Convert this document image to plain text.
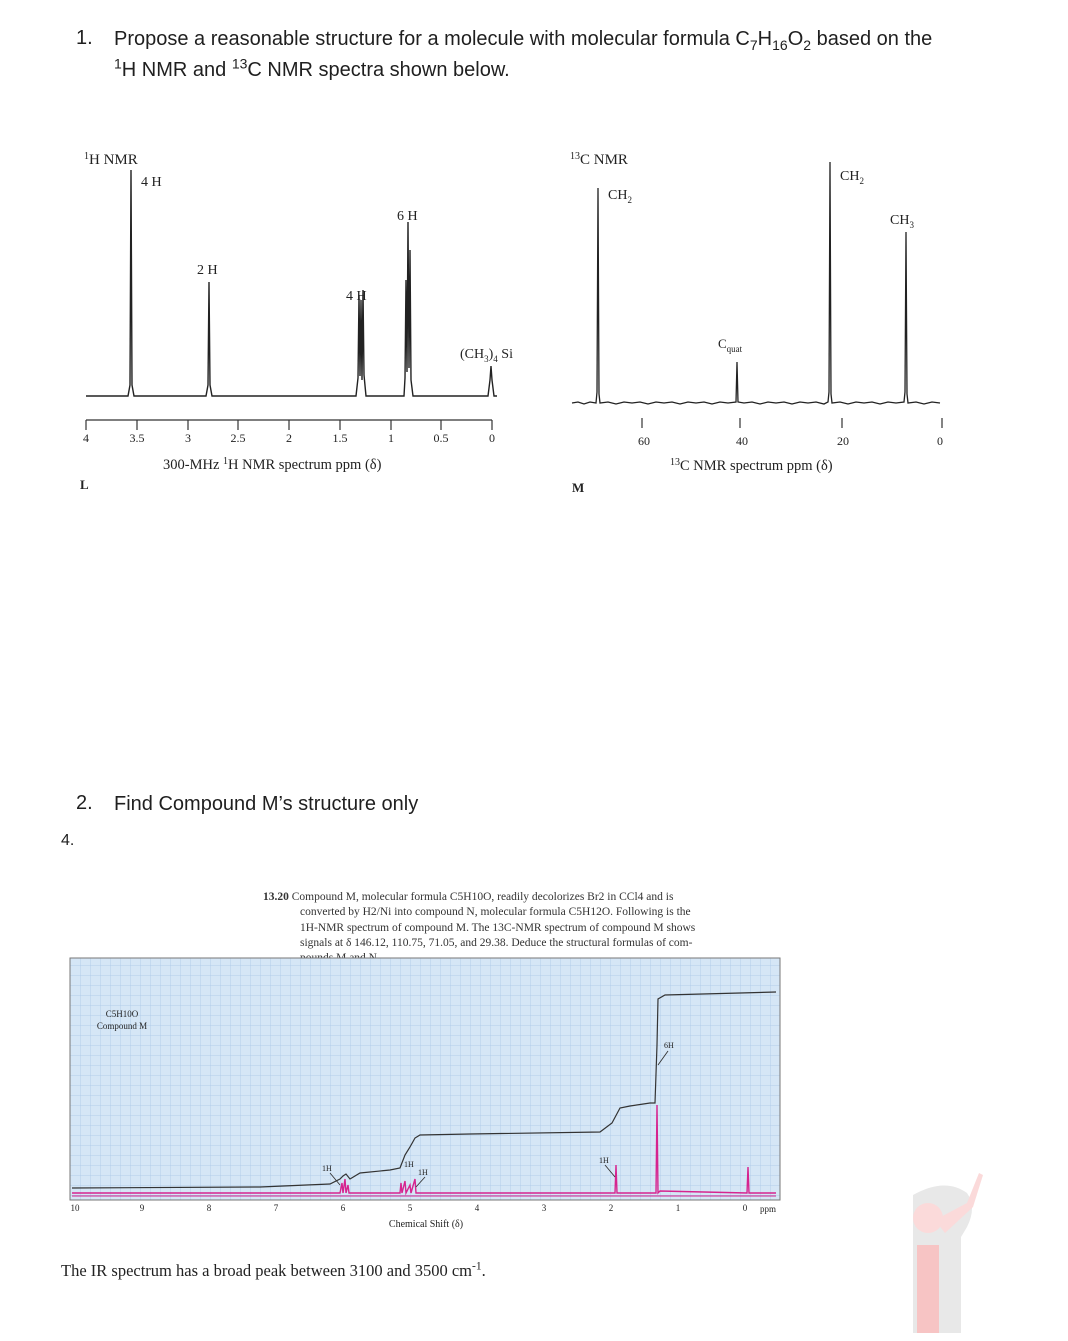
1. Propose a reasonable structure for a molecule with molecular formula $C_7H_{16}O_2$ based on the
$^1$H NMR and $^{13}$C NMR spectra shown below.
$^1$H NMR
4	3.5	3	2.5	2	1.5	1	0.5	0
4 H
2 H
4 H
6 H
$(CH_3)_4$ Si
300-MHz $^1$H NMR spectrum ppm (δ)
L
$^{13}$C NMR
60	40	20	0
$CH_2$
$CH_2$
$CH_3$
$C_{quat}$
$^{13}$C NMR spectrum ppm (δ)
M
2. Find Compound M’s structure only
4.
13.20 Compound M, molecular formula C5H10O, readily decolorizes Br2 in CCl4 and is
converted by H2/Ni into compound N, molecular formula C5H12O. Following is the
1H-NMR spectrum of compound M. The 13C-NMR spectrum of compound M shows
signals at δ 146.12, 110.75, 71.05, and 29.38. Deduce the structural formulas of com-
C5H10O
Compound M
1H	1H
1H
1H
6H
10	9	8	7	6	5	4	3	2	1	0 ppm
Chemical Shift (δ)
The IR spectrum has a broad peak between 3100 and 3500 $cm^{-1}$.
